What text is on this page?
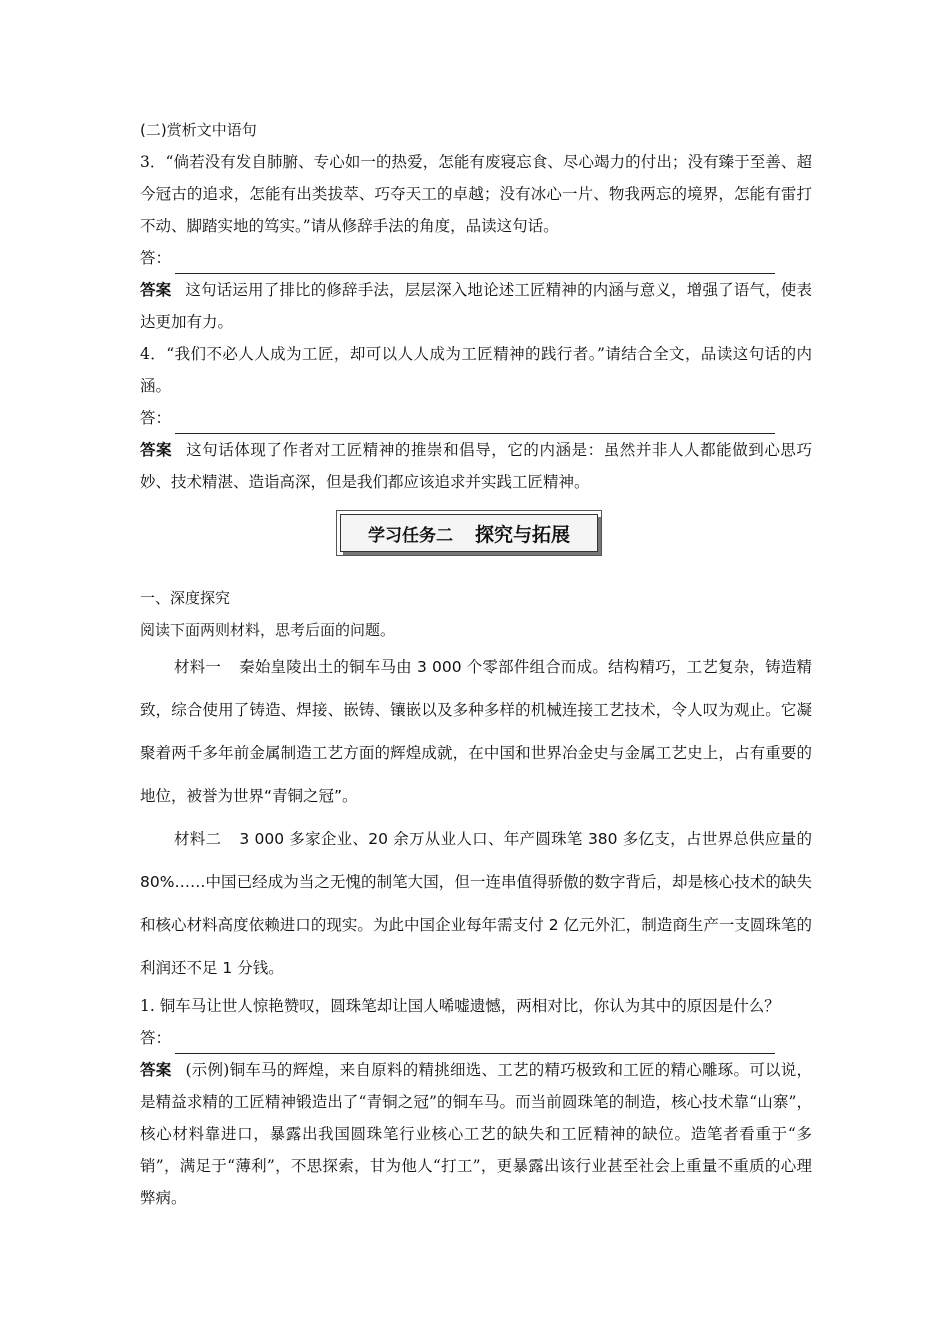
(二)赏析文中语句

3．“倘若没有发自肺腑、专心如一的热爱，怎能有废寝忘食、尽心竭力的付出；没有臻于至善、超今冠古的追求，怎能有出类拔萃、巧夺天工的卓越；没有冰心一片、物我两忘的境界，怎能有雷打不动、脚踏实地的笃实。”请从修辞手法的角度，品读这句话。

答：

答案 这句话运用了排比的修辞手法，层层深入地论述工匠精神的内涵与意义，增强了语气，使表达更加有力。

4．“我们不必人人成为工匠，却可以人人成为工匠精神的践行者。”请结合全文，品读这句话的内涵。

答：

答案 这句话体现了作者对工匠精神的推崇和倡导，它的内涵是：虽然并非人人都能做到心思巧妙、技术精湛、造诣高深，但是我们都应该追求并实践工匠精神。

学习任务二 探究与拓展

一、深度探究

阅读下面两则材料，思考后面的问题。

材料一 秦始皇陵出土的铜车马由 3 000 个零部件组合而成。结构精巧，工艺复杂，铸造精致，综合使用了铸造、焊接、嵌铸、镶嵌以及多种多样的机械连接工艺技术，令人叹为观止。它凝聚着两千多年前金属制造工艺方面的辉煌成就，在中国和世界冶金史与金属工艺史上，占有重要的地位，被誉为世界“青铜之冠”。

材料二 3 000 多家企业、20 余万从业人口、年产圆珠笔 380 多亿支，占世界总供应量的 80%……中国已经成为当之无愧的制笔大国，但一连串值得骄傲的数字背后，却是核心技术的缺失和核心材料高度依赖进口的现实。为此中国企业每年需支付 2 亿元外汇，制造商生产一支圆珠笔的利润还不足 1 分钱。

1. 铜车马让世人惊艳赞叹，圆珠笔却让国人唏嘘遗憾，两相对比，你认为其中的原因是什么？

答：

答案 (示例)铜车马的辉煌，来自原料的精挑细选、工艺的精巧极致和工匠的精心雕琢。可以说，是精益求精的工匠精神锻造出了“青铜之冠”的铜车马。而当前圆珠笔的制造，核心技术靠“山寨”，核心材料靠进口，暴露出我国圆珠笔行业核心工艺的缺失和工匠精神的缺位。造笔者看重于“多销”，满足于“薄利”，不思探索，甘为他人“打工”，更暴露出该行业甚至社会上重量不重质的心理弊病。
